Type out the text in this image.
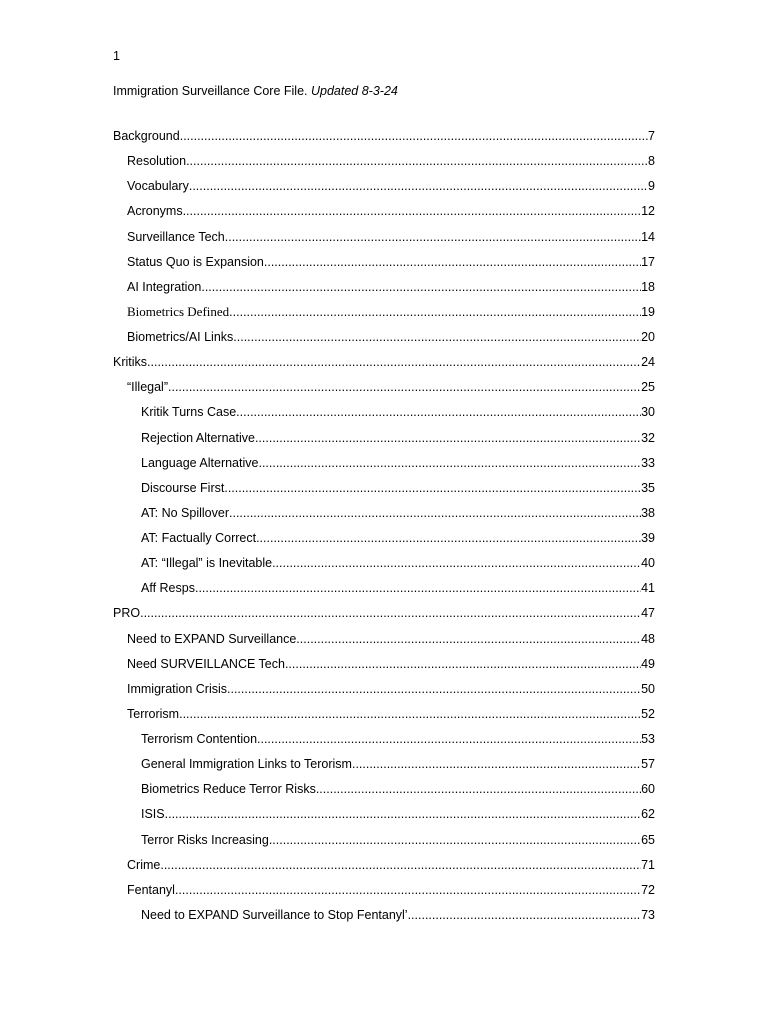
1
Immigration Surveillance Core File. Updated 8-3-24
Background .....	7
Resolution .....	8
Vocabulary .....	9
Acronyms .....	12
Surveillance Tech .....	14
Status Quo is Expansion .....	17
AI Integration .....	18
Biometrics Defined .....	19
Biometrics/AI Links .....	20
Kritiks .....	24
“Illegal” .....	25
Kritik Turns Case .....	30
Rejection Alternative .....	32
Language Alternative .....	33
Discourse First .....	35
AT: No Spillover .....	38
AT: Factually Correct .....	39
AT: “Illegal” is Inevitable .....	40
Aff Resps .....	41
PRO .....	47
Need to EXPAND Surveillance .....	48
Need SURVEILLANCE Tech .....	49
Immigration Crisis .....	50
Terrorism .....	52
Terrorism Contention .....	53
General Immigration Links to Terorism .....	57
Biometrics Reduce Terror Risks .....	60
ISIS .....	62
Terror Risks Increasing .....	65
Crime .....	71
Fentanyl .....	72
Need to EXPAND Surveillance to Stop Fentanyl’ .....	73
